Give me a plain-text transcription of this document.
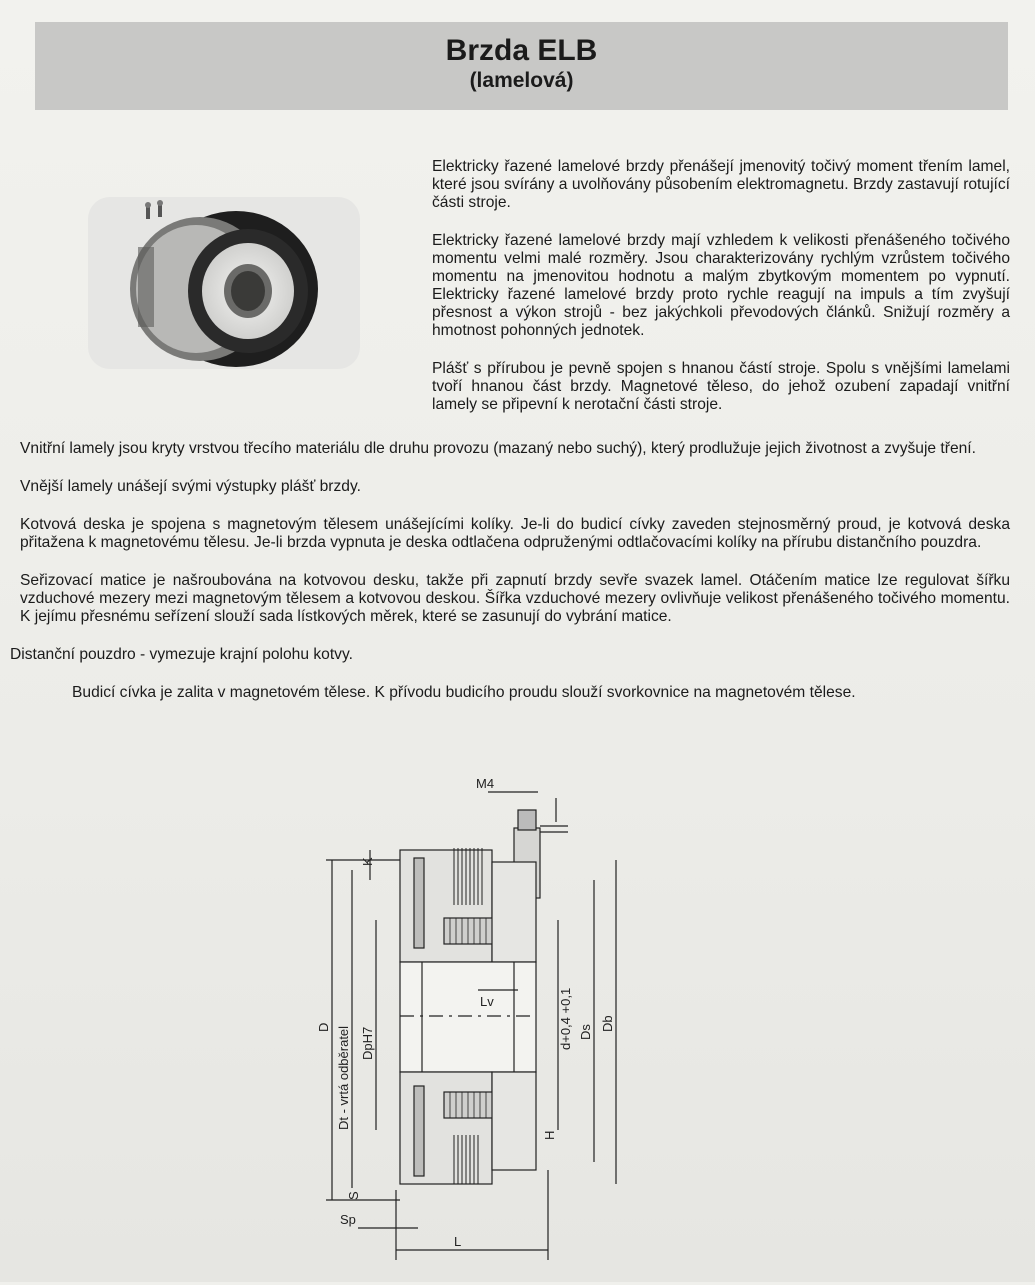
Brzda ELB
(lamelová)

Elektricky řazené lamelové brzdy přenášejí jmenovitý točivý moment třením lamel, které jsou svírány a uvolňovány působením elektromagnetu. Brzdy zastavují rotující části stroje.

Elektricky řazené lamelové brzdy mají vzhledem k velikosti přenášeného točivého momentu velmi malé rozměry. Jsou charakterizovány rychlým vzrůstem točivého momentu na jmenovitou hodnotu a malým zbytkovým momentem po vypnutí. Elektricky řazené lamelové brzdy proto rychle reagují na impuls a tím zvyšují přesnost a výkon strojů - bez jakýchkoli převodových článků. Snižují rozměry a hmotnost pohonných jednotek.

Plášť s přírubou je pevně spojen s hnanou částí stroje. Spolu s vnějšími lamelami tvoří hnanou část brzdy. Magnetové těleso, do jehož ozubení zapadají vnitřní lamely se připevní k nerotační části stroje.

Vnitřní lamely jsou kryty vrstvou třecího materiálu dle druhu provozu (mazaný nebo suchý), který prodlužuje jejich životnost a zvyšuje tření.

Vnější lamely unášejí svými výstupky plášť brzdy.

Kotvová deska je spojena s magnetovým tělesem unášejícími kolíky. Je-li do budicí cívky zaveden stejnosměrný proud, je kotvová deska přitažena k magnetovému tělesu. Je-li brzda vypnuta je deska odtlačena odpruženými odtlačovacími kolíky na přírubu distančního pouzdra.

Seřizovací matice je našroubována na kotvovou desku, takže při zapnutí brzdy sevře svazek lamel. Otáčením matice lze regulovat šířku vzduchové mezery mezi magnetovým tělesem a kotvovou deskou. Šířka vzduchové mezery ovlivňuje velikost přenášeného točivého momentu. K jejímu přesnému seřízení slouží sada lístkových měrek, které se zasunují do vybrání matice.

Distanční pouzdro - vymezuje krajní polohu kotvy.

Budicí cívka je zalita v magnetovém tělese. K přívodu budicího proudu slouží svorkovnice na magnetovém tělese.

M4
K
D Dt - vrtá odběratel DpH7
Lv	d+0,4 +0,1 Ds
Db
H
S
Sp
L
